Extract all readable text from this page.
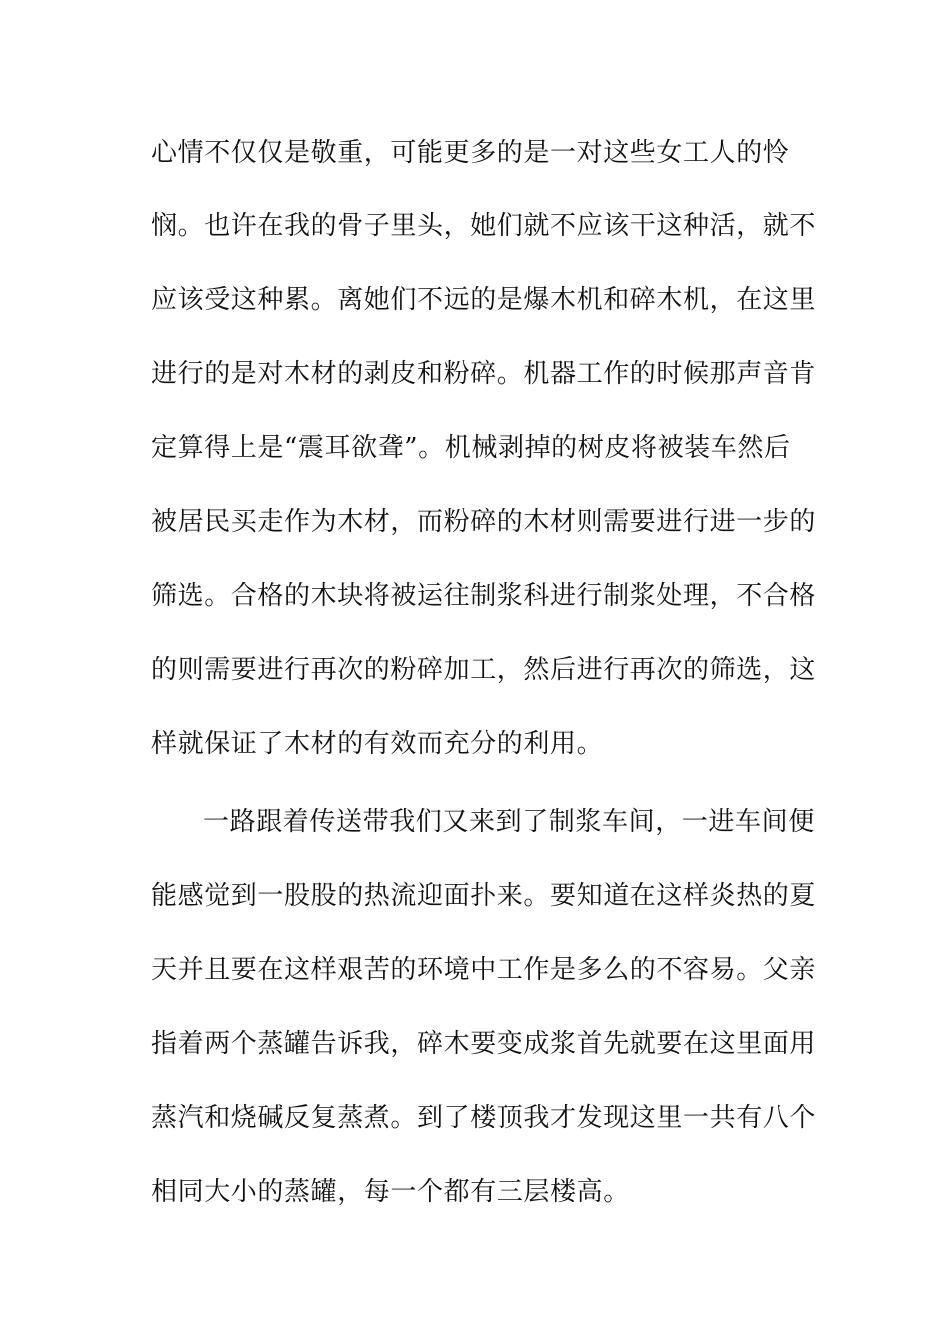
心情不仅仅是敬重，可能更多的是一对这些女工人的怜
悯。也许在我的骨子里头，她们就不应该干这种活，就不
应该受这种累。离她们不远的是爆木机和碎木机，在这里
进行的是对木材的剥皮和粉碎。机器工作的时候那声音肯
定算得上是“震耳欲聋”。机械剥掉的树皮将被装车然后
被居民买走作为木材，而粉碎的木材则需要进行进一步的
筛选。合格的木块将被运往制浆科进行制浆处理，不合格
的则需要进行再次的粉碎加工，然后进行再次的筛选，这
样就保证了木材的有效而充分的利用。
一路跟着传送带我们又来到了制浆车间，一进车间便
能感觉到一股股的热流迎面扑来。要知道在这样炎热的夏
天并且要在这样艰苦的环境中工作是多么的不容易。父亲
指着两个蒸罐告诉我，碎木要变成浆首先就要在这里面用
蒸汽和烧碱反复蒸煮。到了楼顶我才发现这里一共有八个
相同大小的蒸罐，每一个都有三层楼高。
